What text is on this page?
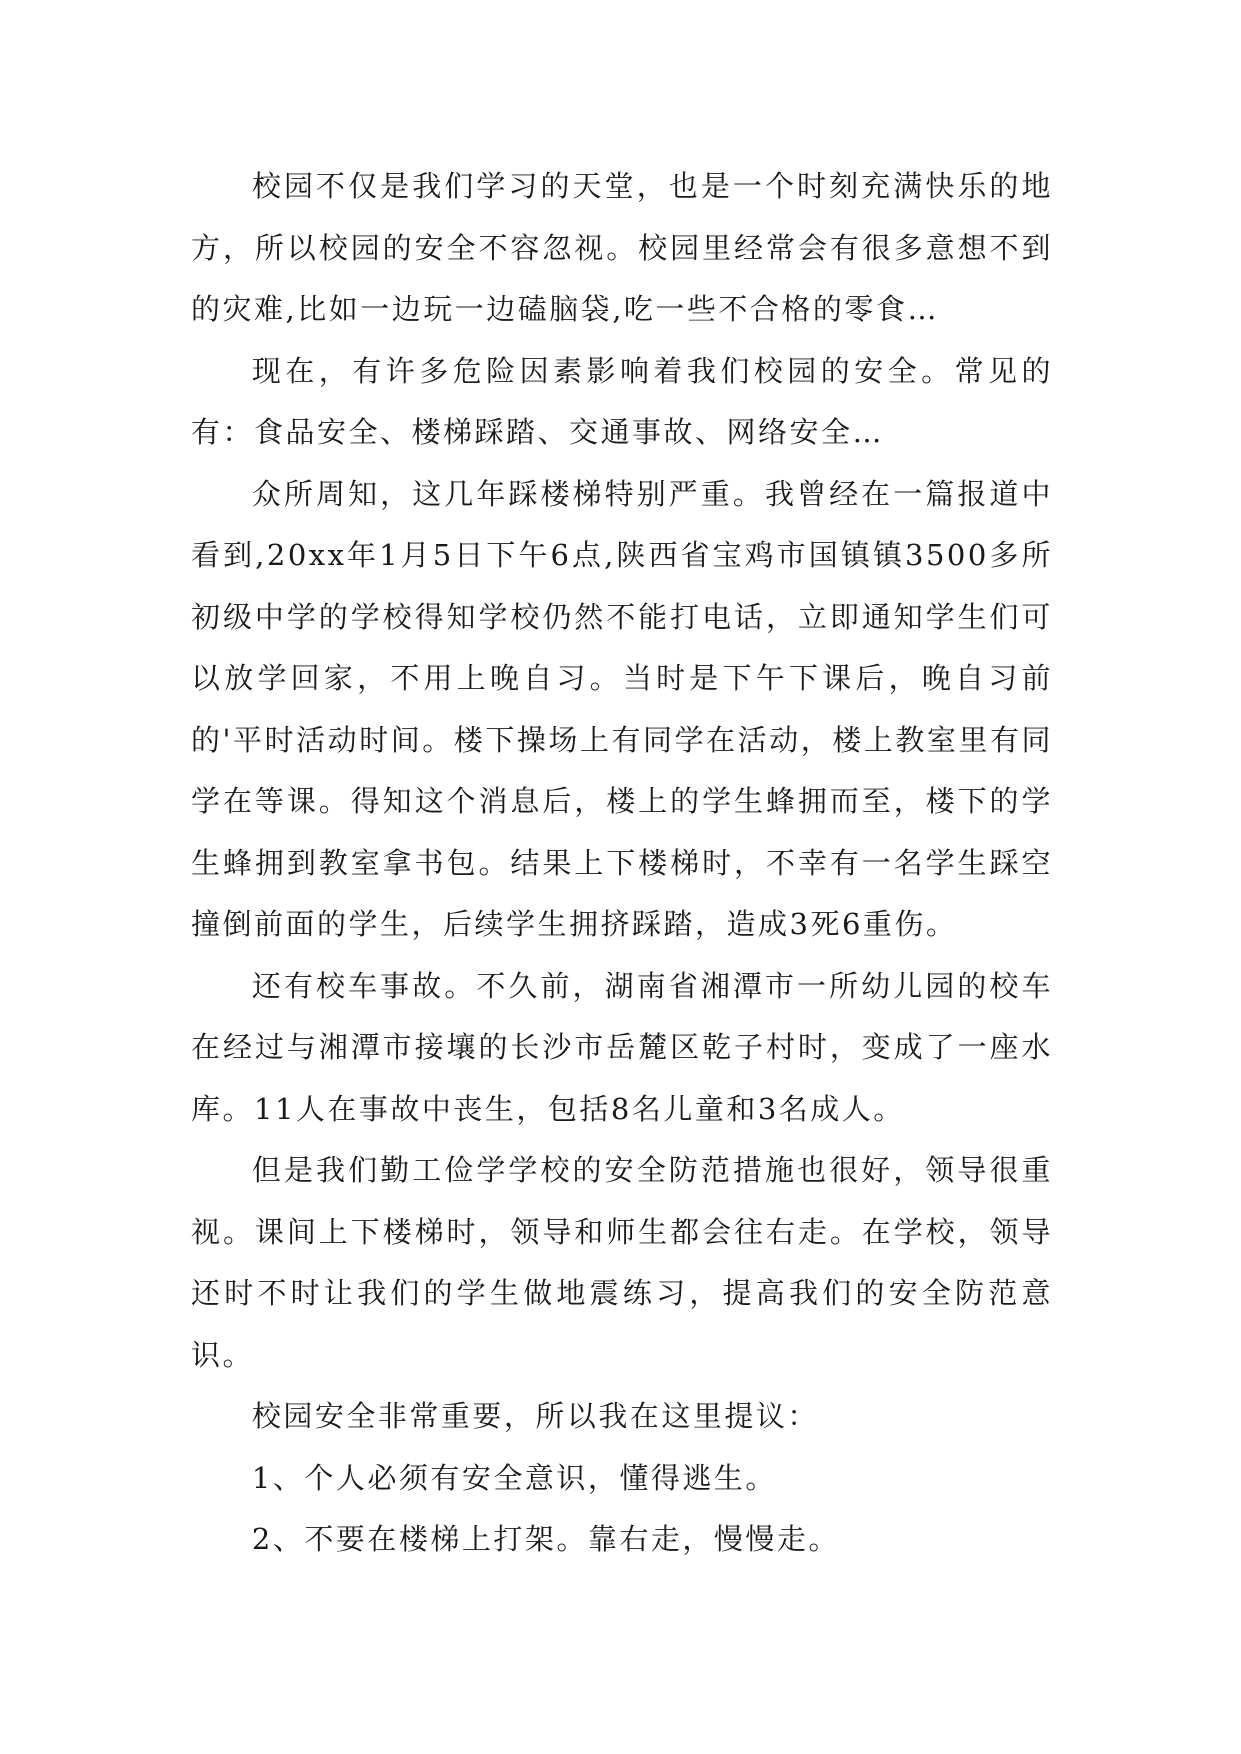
校园不仅是我们学习的天堂，也是一个时刻充满快乐的地方，所以校园的安全不容忽视。校园里经常会有很多意想不到的灾难,比如一边玩一边磕脑袋,吃一些不合格的零食…

现在，有许多危险因素影响着我们校园的安全。常见的有：食品安全、楼梯踩踏、交通事故、网络安全…

众所周知，这几年踩楼梯特别严重。我曾经在一篇报道中看到,20xx年1月5日下午6点,陕西省宝鸡市国镇镇3500多所初级中学的学校得知学校仍然不能打电话，立即通知学生们可以放学回家，不用上晚自习。当时是下午下课后，晚自习前的'平时活动时间。楼下操场上有同学在活动，楼上教室里有同学在等课。得知这个消息后，楼上的学生蜂拥而至，楼下的学生蜂拥到教室拿书包。结果上下楼梯时，不幸有一名学生踩空撞倒前面的学生，后续学生拥挤踩踏，造成3死6重伤。

还有校车事故。不久前，湖南省湘潭市一所幼儿园的校车在经过与湘潭市接壤的长沙市岳麓区乾子村时，变成了一座水库。11人在事故中丧生，包括8名儿童和3名成人。

但是我们勤工俭学学校的安全防范措施也很好，领导很重视。课间上下楼梯时，领导和师生都会往右走。在学校，领导还时不时让我们的学生做地震练习，提高我们的安全防范意识。

校园安全非常重要，所以我在这里提议：

1、个人必须有安全意识，懂得逃生。

2、不要在楼梯上打架。靠右走，慢慢走。
